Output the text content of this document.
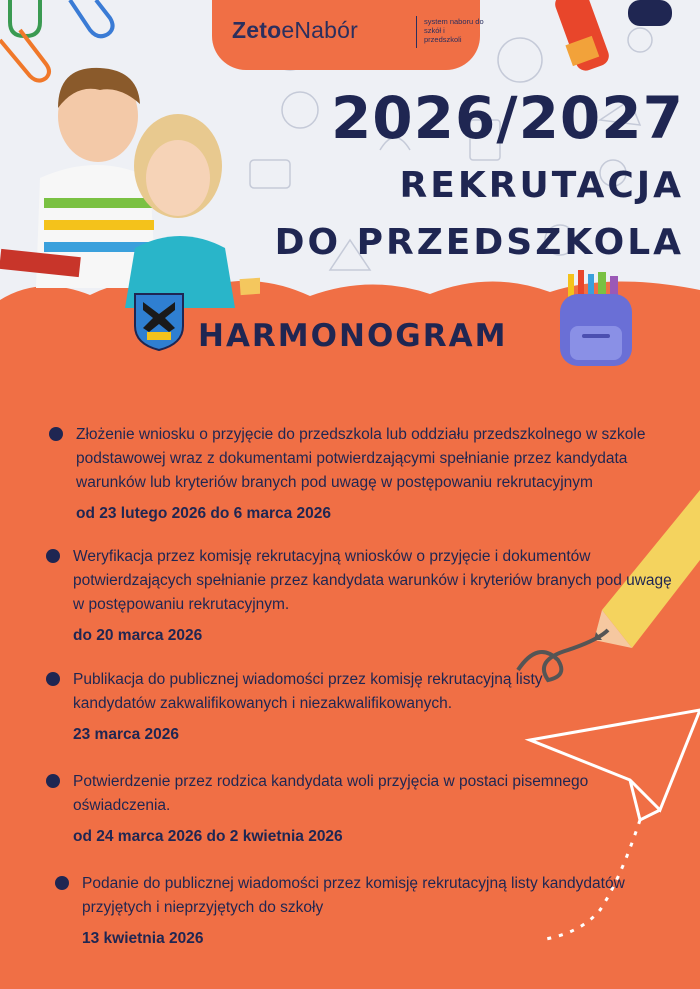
ZetoeNabór	system naboru do szkół i przedszkoli
2026/2027
REKRUTACJA
DO PRZEDSZKOLA
HARMONOGRAM
Złożenie wniosku o przyjęcie do przedszkola lub oddziału przedszkolnego w szkole podstawowej wraz z dokumentami potwierdzającymi spełnianie przez kandydata warunków lub kryteriów branych pod uwagę w postępowaniu rekrutacyjnym
od 23 lutego 2026 do 6 marca 2026
Weryfikacja przez komisję rekrutacyjną wniosków o przyjęcie i dokumentów potwierdzających spełnianie przez kandydata warunków i kryteriów branych pod uwagę w postępowaniu rekrutacyjnym.
do 20 marca 2026
Publikacja do publicznej wiadomości przez komisję rekrutacyjną listy kandydatów zakwalifikowanych i niezakwalifikowanych.
23 marca 2026
Potwierdzenie przez rodzica kandydata woli przyjęcia w postaci pisemnego oświadczenia.
od 24 marca 2026 do 2 kwietnia 2026
Podanie do publicznej wiadomości przez komisję rekrutacyjną listy kandydatów przyjętych i nieprzyjętych do szkoły
13 kwietnia 2026
